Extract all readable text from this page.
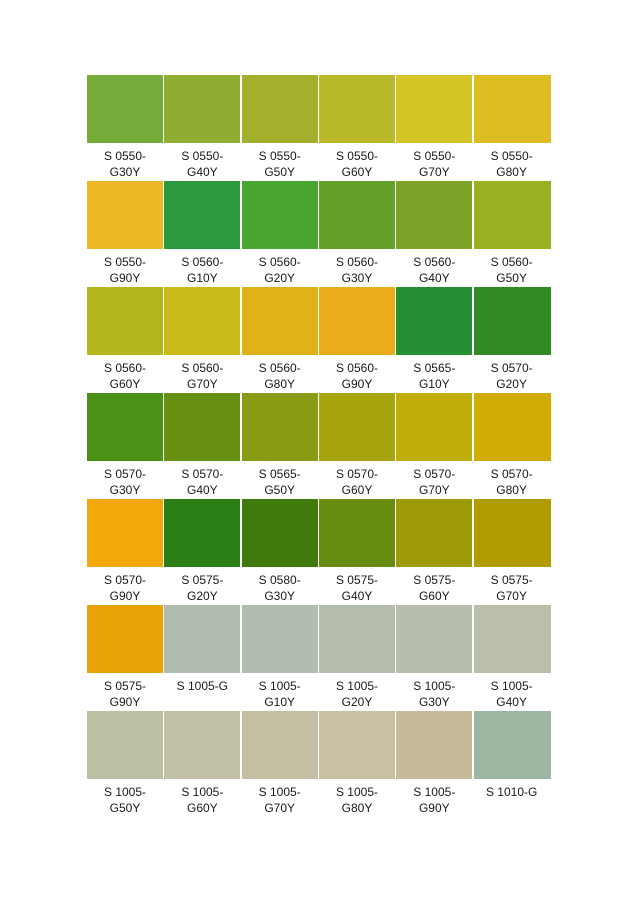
S 0550-
G30Y
S 0550-
G40Y
S 0550-
G50Y
S 0550-
G60Y
S 0550-
G70Y
S 0550-
G80Y
S 0550-
G90Y
S 0560-
G10Y
S 0560-
G20Y
S 0560-
G30Y
S 0560-
G40Y
S 0560-
G50Y
S 0560-
G60Y
S 0560-
G70Y
S 0560-
G80Y
S 0560-
G90Y
S 0565-
G10Y
S 0570-
G20Y
S 0570-
G30Y
S 0570-
G40Y
S 0565-
G50Y
S 0570-
G60Y
S 0570-
G70Y
S 0570-
G80Y
S 0570-
G90Y
S 0575-
G20Y
S 0580-
G30Y
S 0575-
G40Y
S 0575-
G60Y
S 0575-
G70Y
S 0575-
G90Y
S 1005-G	S 1005-
G10Y
S 1005-
G20Y
S 1005-
G30Y
S 1005-
G40Y
S 1005-
G50Y
S 1005-
G60Y
S 1005-
G70Y
S 1005-
G80Y
S 1005-
G90Y
S 1010-G
